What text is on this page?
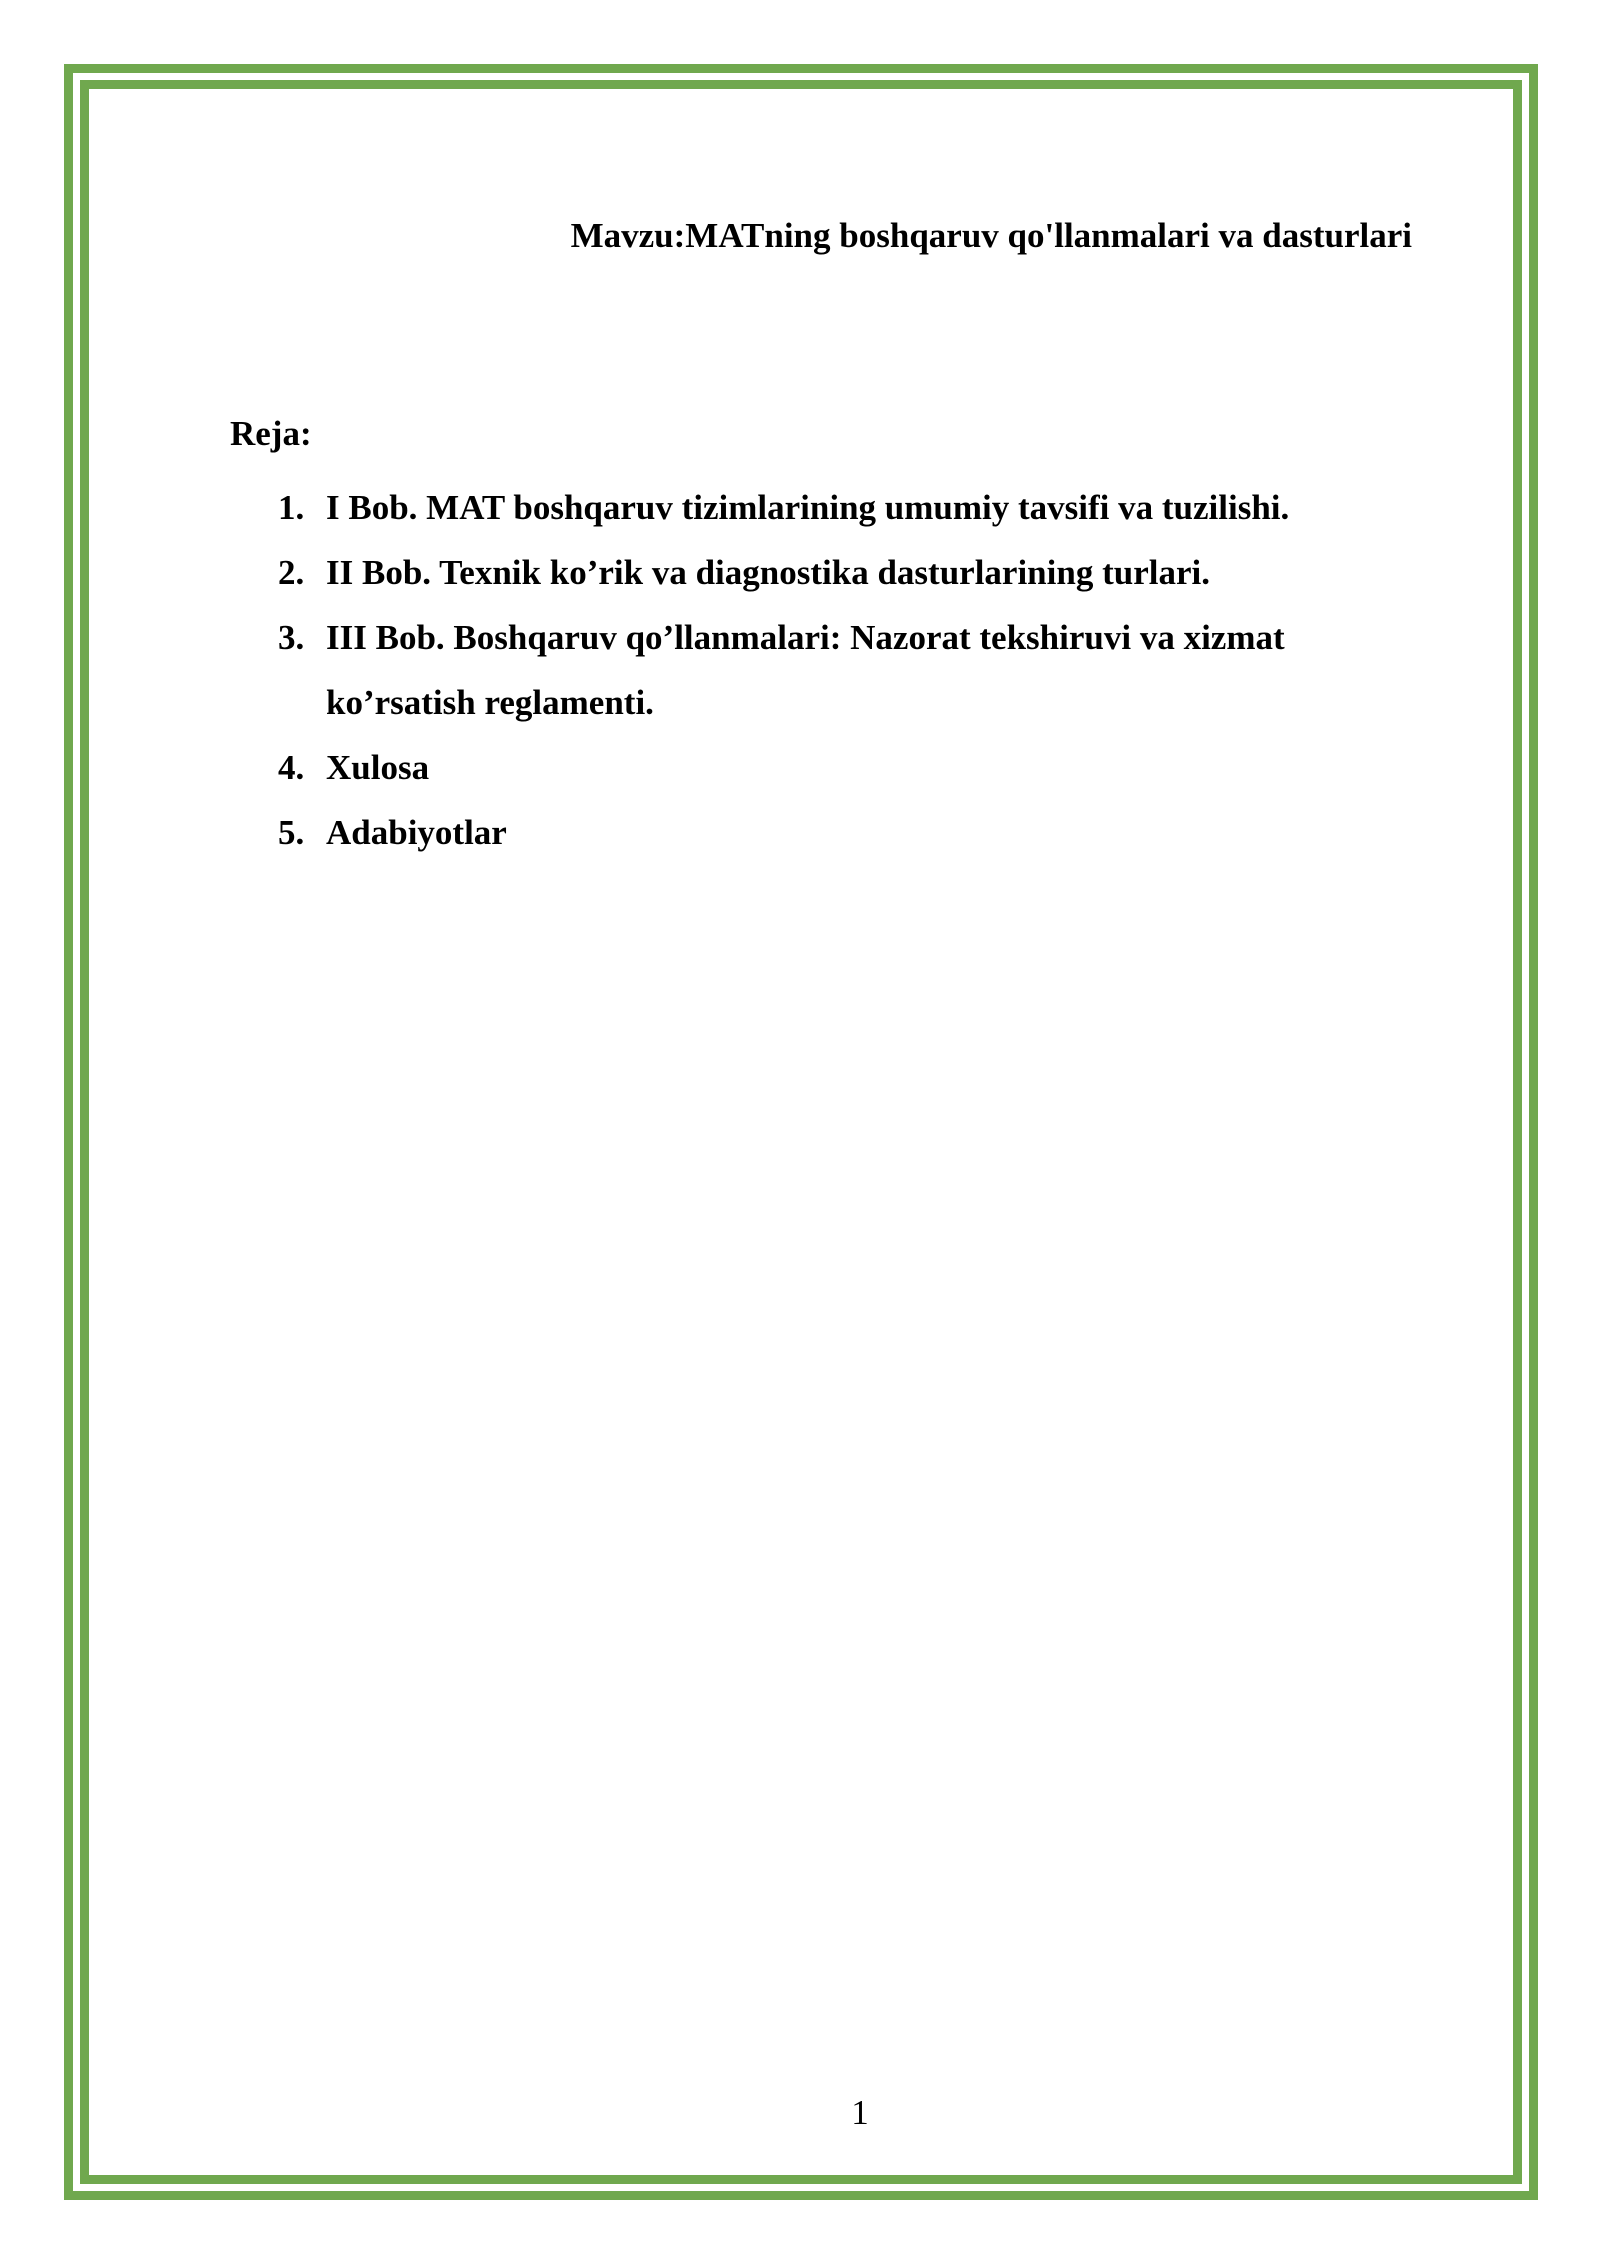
Mavzu:MATning boshqaruv qo'llanmalari va dasturlari
Reja:
1. I Bob. MAT boshqaruv tizimlarining umumiy tavsifi va tuzilishi.
2. II Bob. Texnik ko’rik va diagnostika dasturlarining turlari.
3. III Bob. Boshqaruv qo’llanmalari: Nazorat tekshiruvi va xizmat ko’rsatish reglamenti.
4. Xulosa
5. Adabiyotlar

1
